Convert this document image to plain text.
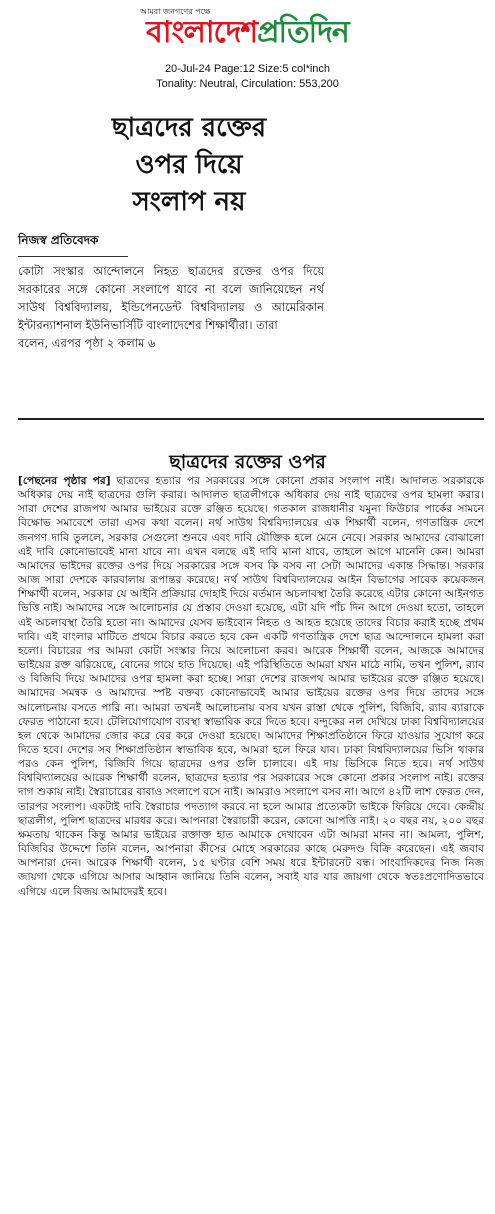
আমরা জনগণের পক্ষে
বাংলাদেশপ্রতিদিন
20-Jul-24 Page:12 Size:5 col*inch
Tonality: Neutral, Circulation: 553,200
ছাত্রদের রক্তের
ওপর দিয়ে
সংলাপ নয়
নিজস্ব প্রতিবেদক

কোটা সংস্কার আন্দোলনে নিহত ছাত্রদের রক্তের ওপর দিয়ে সরকারের সঙ্গে কোনো সংলাপে যাবে না বলে জানিয়েছেন নর্থ সাউথ বিশ্ববিদ্যালয়, ইন্ডিপেনডেন্ট বিশ্ববিদ্যালয় ও আমেরিকান ইন্টারন্যাশনাল ইউনিভার্সিটি বাংলাদেশের শিক্ষার্থীরা। তারা

বলেন, এরপর পৃষ্ঠা ২ কলাম ৬

ছাত্রদের রক্তের ওপর

[পেছনের পৃষ্ঠার পর] ছাত্রদের হত্যার পর সরকারের সঙ্গে কোনো প্রকার সংলাপ নাই। আদালত সরকারকে অধিকার দেয় নাই ছাত্রদের গুলি করার। আদালত ছাত্রলীগকে অধিকার দেয় নাই ছাত্রদের ওপর হামলা করার। সারা দেশের রাজপথ আমার ভাইয়ের রক্তে রঞ্জিত হয়েছে। গতকাল রাজধানীর যমুনা ফিউচার পার্কের সামনে বিক্ষোভ সমাবেশে তারা এসব কথা বলেন। নর্থ সাউথ বিশ্ববিদ্যালয়ের এক শিক্ষার্থী বলেন, গণতান্ত্রিক দেশে জনগণ দাবি তুললে, সরকার সেগুলো শুনবে এবং দাবি যৌক্তিক হলে মেনে নেবে। সরকার আমাদের বোঝালো এই দাবি কোনোভাবেই মানা যাবে না। এখন বলছে এই দাবি মানা যাবে, তাহলে আগে মানেনি কেন। আমরা আমাদের ভাইদের রক্তের ওপর দিয়ে সরকারের সঙ্গে বসব কি বসব না সেটা আমাদের একান্ত সিদ্ধান্ত। সরকার আজ সারা দেশকে কারবালায় রূপান্তর করেছে। নর্থ সাউথ বিশ্ববিদ্যালয়ের আইন বিভাগের সাবেক কয়েকজন শিক্ষার্থী বলেন, সরকার যে আইনি প্রক্রিয়ার দোহাই দিয়ে বর্তমান অচলাবস্থা তৈরি করেছে এটার কোনো আইনগত ভিত্তি নাই। আমাদের সঙ্গে আলোচনার যে প্রস্তাব দেওয়া হয়েছে, এটা যদি পাঁচ দিন আগে দেওয়া হতো, তাহলে এই অচলাবস্থা তৈরি হতো না। আমাদের যেসব ভাইবোন নিহত ও আহত হয়েছে তাদের বিচার করাই হচ্ছে প্রথম দাবি। এই বাংলার মাটিতে প্রথমে বিচার করতে হবে কেন একটি গণতান্ত্রিক দেশে ছাত্র আন্দোলনে হামলা করা হলো। বিচারের পর আমরা কোটা সংস্কার নিয়ে আলোচনা করব। আরেক শিক্ষার্থী বলেন, আজকে আমাদের ভাইয়ের রক্ত ঝরিয়েছে, বোনের গায়ে হাত দিয়েছে। এই পরিস্থিতিতে আমরা যখন মাঠে নামি, তখন পুলিশ, র‍্যাব ও বিজিবি দিয়ে আমাদের ওপর হামলা করা হচ্ছে। সারা দেশের রাজপথ আমার ভাইয়ের রক্তে রঞ্জিত হয়েছে। আমাদের সমন্বক ও আমাদের স্পষ্ট বক্তব্য কোনোভাবেই আমার ভাইয়ের রক্তের ওপর দিয়ে তাদের সঙ্গে আলোচনায় বসতে পারি না। আমরা তখনই আলোচনায় বসব যখন রাস্তা থেকে পুলিশ, বিজিবি, র‍্যাব ব্যারাকে ফেরত পাঠানো হবে। টেলিযোগাযোগ ব্যবস্থা স্বাভাবিক করে দিতে হবে। বন্দুকের নল দেখিয়ে ঢাকা বিশ্ববিদ্যালয়ের হল থেকে আমাদের জোর করে বের করে দেওয়া হয়েছে। আমাদের শিক্ষাপ্রতিষ্ঠানে ফিরে যাওয়ার সুযোগ করে দিতে হবে। দেশের সব শিক্ষাপ্রতিষ্ঠান স্বাভাবিক হবে, আমরা হলে ফিরে যাব। ঢাকা বিশ্ববিদ্যালয়ের ভিসি থাকার পরও কেন পুলিশ, বিজিবি গিয়ে ছাত্রদের ওপর গুলি চালাবে। এই দায় ভিসিকে নিতে হবে। নর্থ সাউথ বিশ্ববিদ্যালয়ের আরেক শিক্ষার্থী বলেন, ছাত্রদের হত্যার পর সরকারের সঙ্গে কোনো প্রকার সংলাপ নাই। রক্তের দাগ শুকায় নাই। স্বৈরাচারের বাবাও সংলাপে বসে নাই। আমরাও সংলাপে বসব না। আগে ৪২টি লাশ ফেরত দেন, তারপর সংলাপ। একটাই দাবি স্বৈরাচার পদত্যাগ করবে না হলে আমার প্রত্যেকটা ভাইকে ফিরিয়ে দেবে। কেন্দ্রীয় ছাত্রলীগ, পুলিশ ছাত্রদের মারধর করে। আপনারা স্বৈরাচারী করেন, কোনো আপত্তি নাই। ২০ বছর নয়, ২০০ বছর ক্ষমতায় থাকেন কিন্তু আমার ভাইয়ের রক্তাক্ত হাত আমাকে দেখাবেন এটা আমরা মানব না। আমলা, পুলিশ, বিজিবির উদ্দেশে তিনি বলেন, আপনারা কীসের মোহে সরকারের কাছে মেরুদণ্ড বিক্রি করেছেন। এই জবাব আপনারা দেন। আরেক শিক্ষার্থী বলেন, ১৫ ঘণ্টার বেশি সময় ধরে ইন্টারনেট বন্ধ। সাংবাদিকদের নিজ নিজ জায়গা থেকে এগিয়ে আসার আহ্বান জানিয়ে তিনি বলেন, সবাই যার যার জায়গা থেকে স্বতঃপ্রণোদিতভাবে এগিয়ে এলে বিজয় আমাদেরই হবে।
